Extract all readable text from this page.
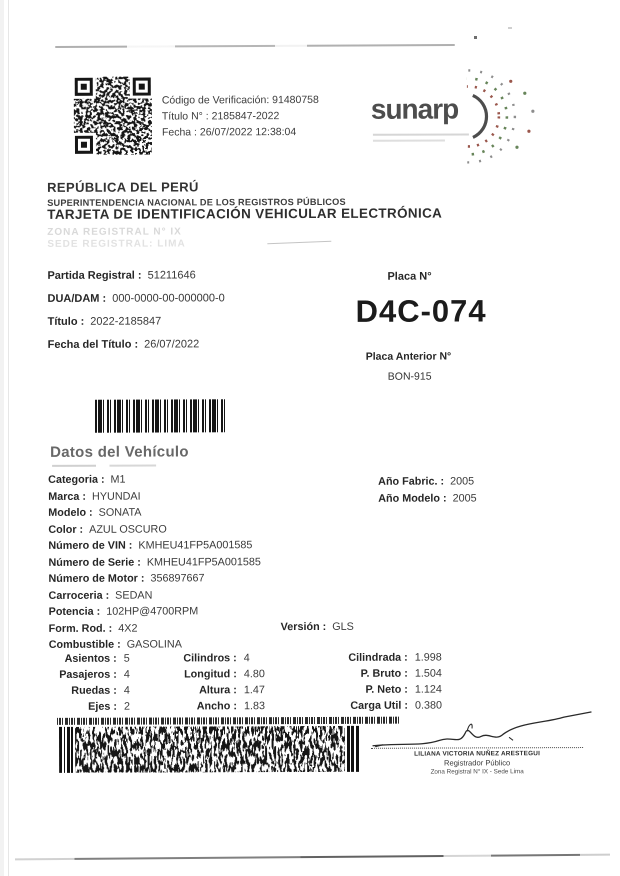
Código de Verificación: 91480758
Título N° : 2185847-2022
Fecha : 26/07/2022 12:38:04
sunarp
REPÚBLICA DEL PERÚ
SUPERINTENDENCIA NACIONAL DE LOS REGISTROS PÚBLICOS
TARJETA DE IDENTIFICACIÓN VEHICULAR ELECTRÓNICA
ZONA REGISTRAL N° IX
SEDE REGISTRAL: LIMA
Partida Registral : 51211646
DUA/DAM : 000-0000-00-000000-0
Título : 2022-2185847
Fecha del Título : 26/07/2022
Placa N°
D4C-074
Placa Anterior N°
BON-915
Datos del Vehículo
Categoria : M1
Marca : HYUNDAI
Modelo : SONATA
Color : AZUL OSCURO
Número de VIN : KMHEU41FP5A001585
Número de Serie : KMHEU41FP5A001585
Número de Motor : 356897667
Carroceria : SEDAN
Potencia : 102HP@4700RPM
Form. Rod. : 4X2
Combustible : GASOLINA
Versión : GLS
Año Fabric. : 2005
Año Modelo : 2005
Asientos : 5
Pasajeros : 4
Ruedas : 4
Ejes : 2
Cilindros : 4
Longitud : 4.80
Altura : 1.47
Ancho : 1.83
Cilindrada : 1.998
P. Bruto : 1.504
P. Neto : 1.124
Carga Util : 0.380
LILIANA VICTORIA NUÑEZ ARESTEGUI
Registrador Público
Zona Registral N° IX - Sede Lima
